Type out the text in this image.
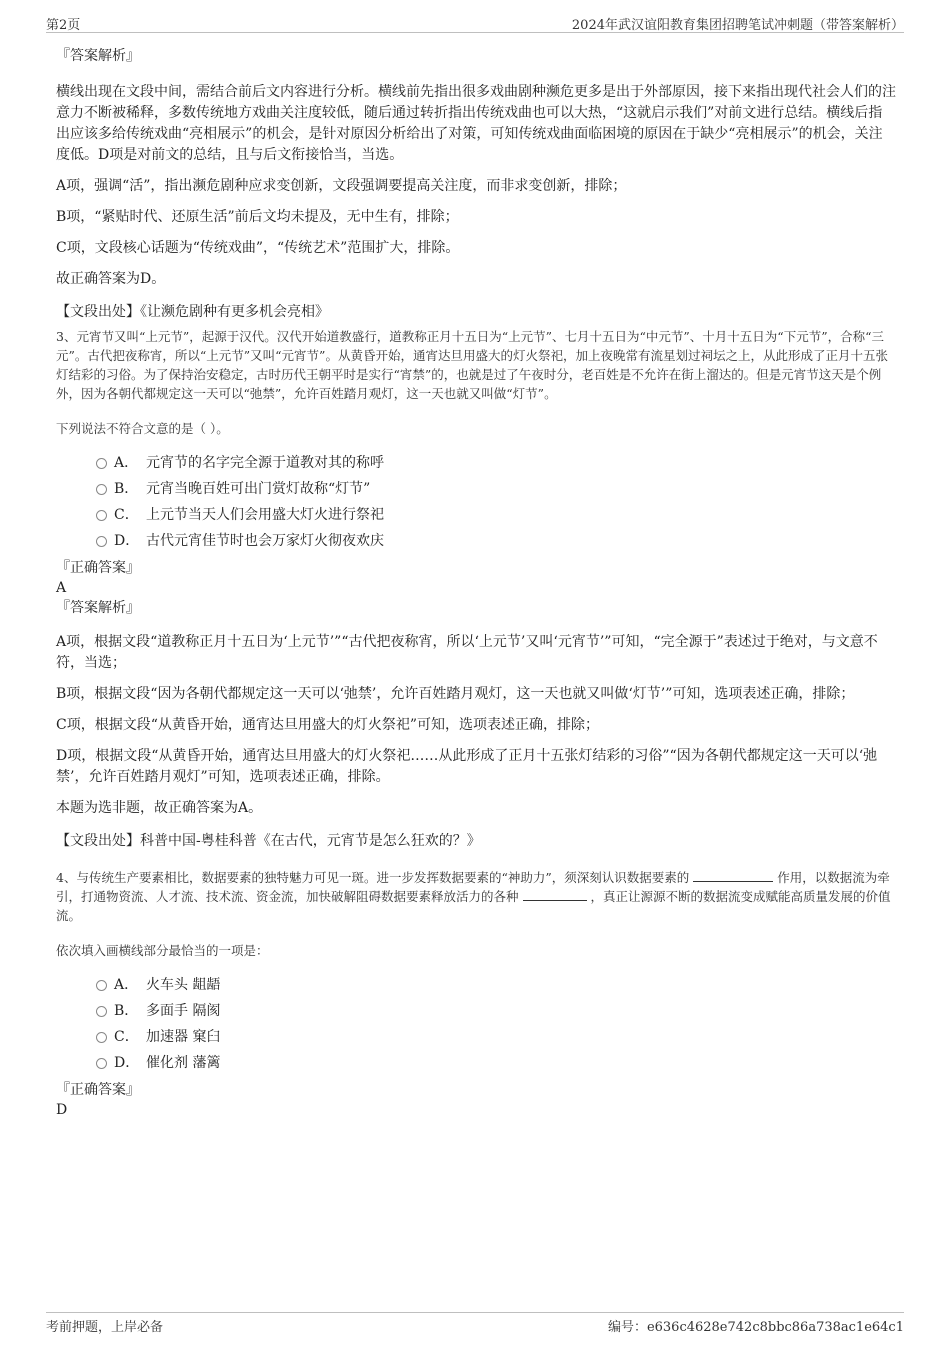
第2页	2024年武汉谊阳教育集团招聘笔试冲刺题（带答案解析）
『答案解析』

横线出现在文段中间，需结合前后文内容进行分析。横线前先指出很多戏曲剧种濒危更多是出于外部原因，接下来指出现代社会人们的注意力不断被稀释，多数传统地方戏曲关注度较低，随后通过转折指出传统戏曲也可以大热，“这就启示我们”对前文进行总结。横线后指出应该多给传统戏曲“亮相展示”的机会，是针对原因分析给出了对策，可知传统戏曲面临困境的原因在于缺少“亮相展示”的机会，关注度低。D项是对前文的总结，且与后文衔接恰当，当选。

A项，强调“活”，指出濒危剧种应求变创新，文段强调要提高关注度，而非求变创新，排除；

B项，“紧贴时代、还原生活”前后文均未提及，无中生有，排除；

C项，文段核心话题为“传统戏曲”，“传统艺术”范围扩大，排除。

故正确答案为D。

【文段出处】《让濒危剧种有更多机会亮相》

3、元宵节又叫“上元节”，起源于汉代。汉代开始道教盛行，道教称正月十五日为“上元节”、七月十五日为“中元节”、十月十五日为“下元节”，合称“三元”。古代把夜称宵，所以“上元节”又叫“元宵节”。从黄昏开始，通宵达旦用盛大的灯火祭祀，加上夜晚常有流星划过祠坛之上，从此形成了正月十五张灯结彩的习俗。为了保持治安稳定，古时历代王朝平时是实行“宵禁”的，也就是过了午夜时分，老百姓是不允许在街上溜达的。但是元宵节这天是个例外，因为各朝代都规定这一天可以“弛禁”，允许百姓踏月观灯，这一天也就又叫做“灯节”。

下列说法不符合文意的是（ ）。

A． 元宵节的名字完全源于道教对其的称呼
B． 元宵当晚百姓可出门赏灯故称“灯节”
C． 上元节当天人们会用盛大灯火进行祭祀
D． 古代元宵佳节时也会万家灯火彻夜欢庆
『正确答案』
A
『答案解析』

A项，根据文段“道教称正月十五日为‘上元节’”“古代把夜称宵，所以‘上元节’又叫‘元宵节’”可知，“完全源于”表述过于绝对，与文意不符，当选；

B项，根据文段“因为各朝代都规定这一天可以‘弛禁’，允许百姓踏月观灯，这一天也就又叫做‘灯节’”可知，选项表述正确，排除；

C项，根据文段“从黄昏开始，通宵达旦用盛大的灯火祭祀”可知，选项表述正确，排除；

D项，根据文段“从黄昏开始，通宵达旦用盛大的灯火祭祀……从此形成了正月十五张灯结彩的习俗”“因为各朝代都规定这一天可以‘弛禁’，允许百姓踏月观灯”可知，选项表述正确，排除。

本题为选非题，故正确答案为A。

【文段出处】科普中国-粤桂科普《在古代，元宵节是怎么狂欢的？》

4、与传统生产要素相比，数据要素的独特魅力可见一斑。进一步发挥数据要素的“神助力”，须深刻认识数据要素的	作用，以数据流为牵引，打通物资流、人才流、技术流、资金流，加快破解阻碍数据要素释放活力的各种	，真正让源源不断的数据流变成赋能高质量发展的价值流。

依次填入画横线部分最恰当的一项是：

A． 火车头 龃龉
B． 多面手 隔阂
C． 加速器 窠臼
D． 催化剂 藩篱
『正确答案』
D
考前押题，上岸必备	编号：e636c4628e742c8bbc86a738ac1e64c1
